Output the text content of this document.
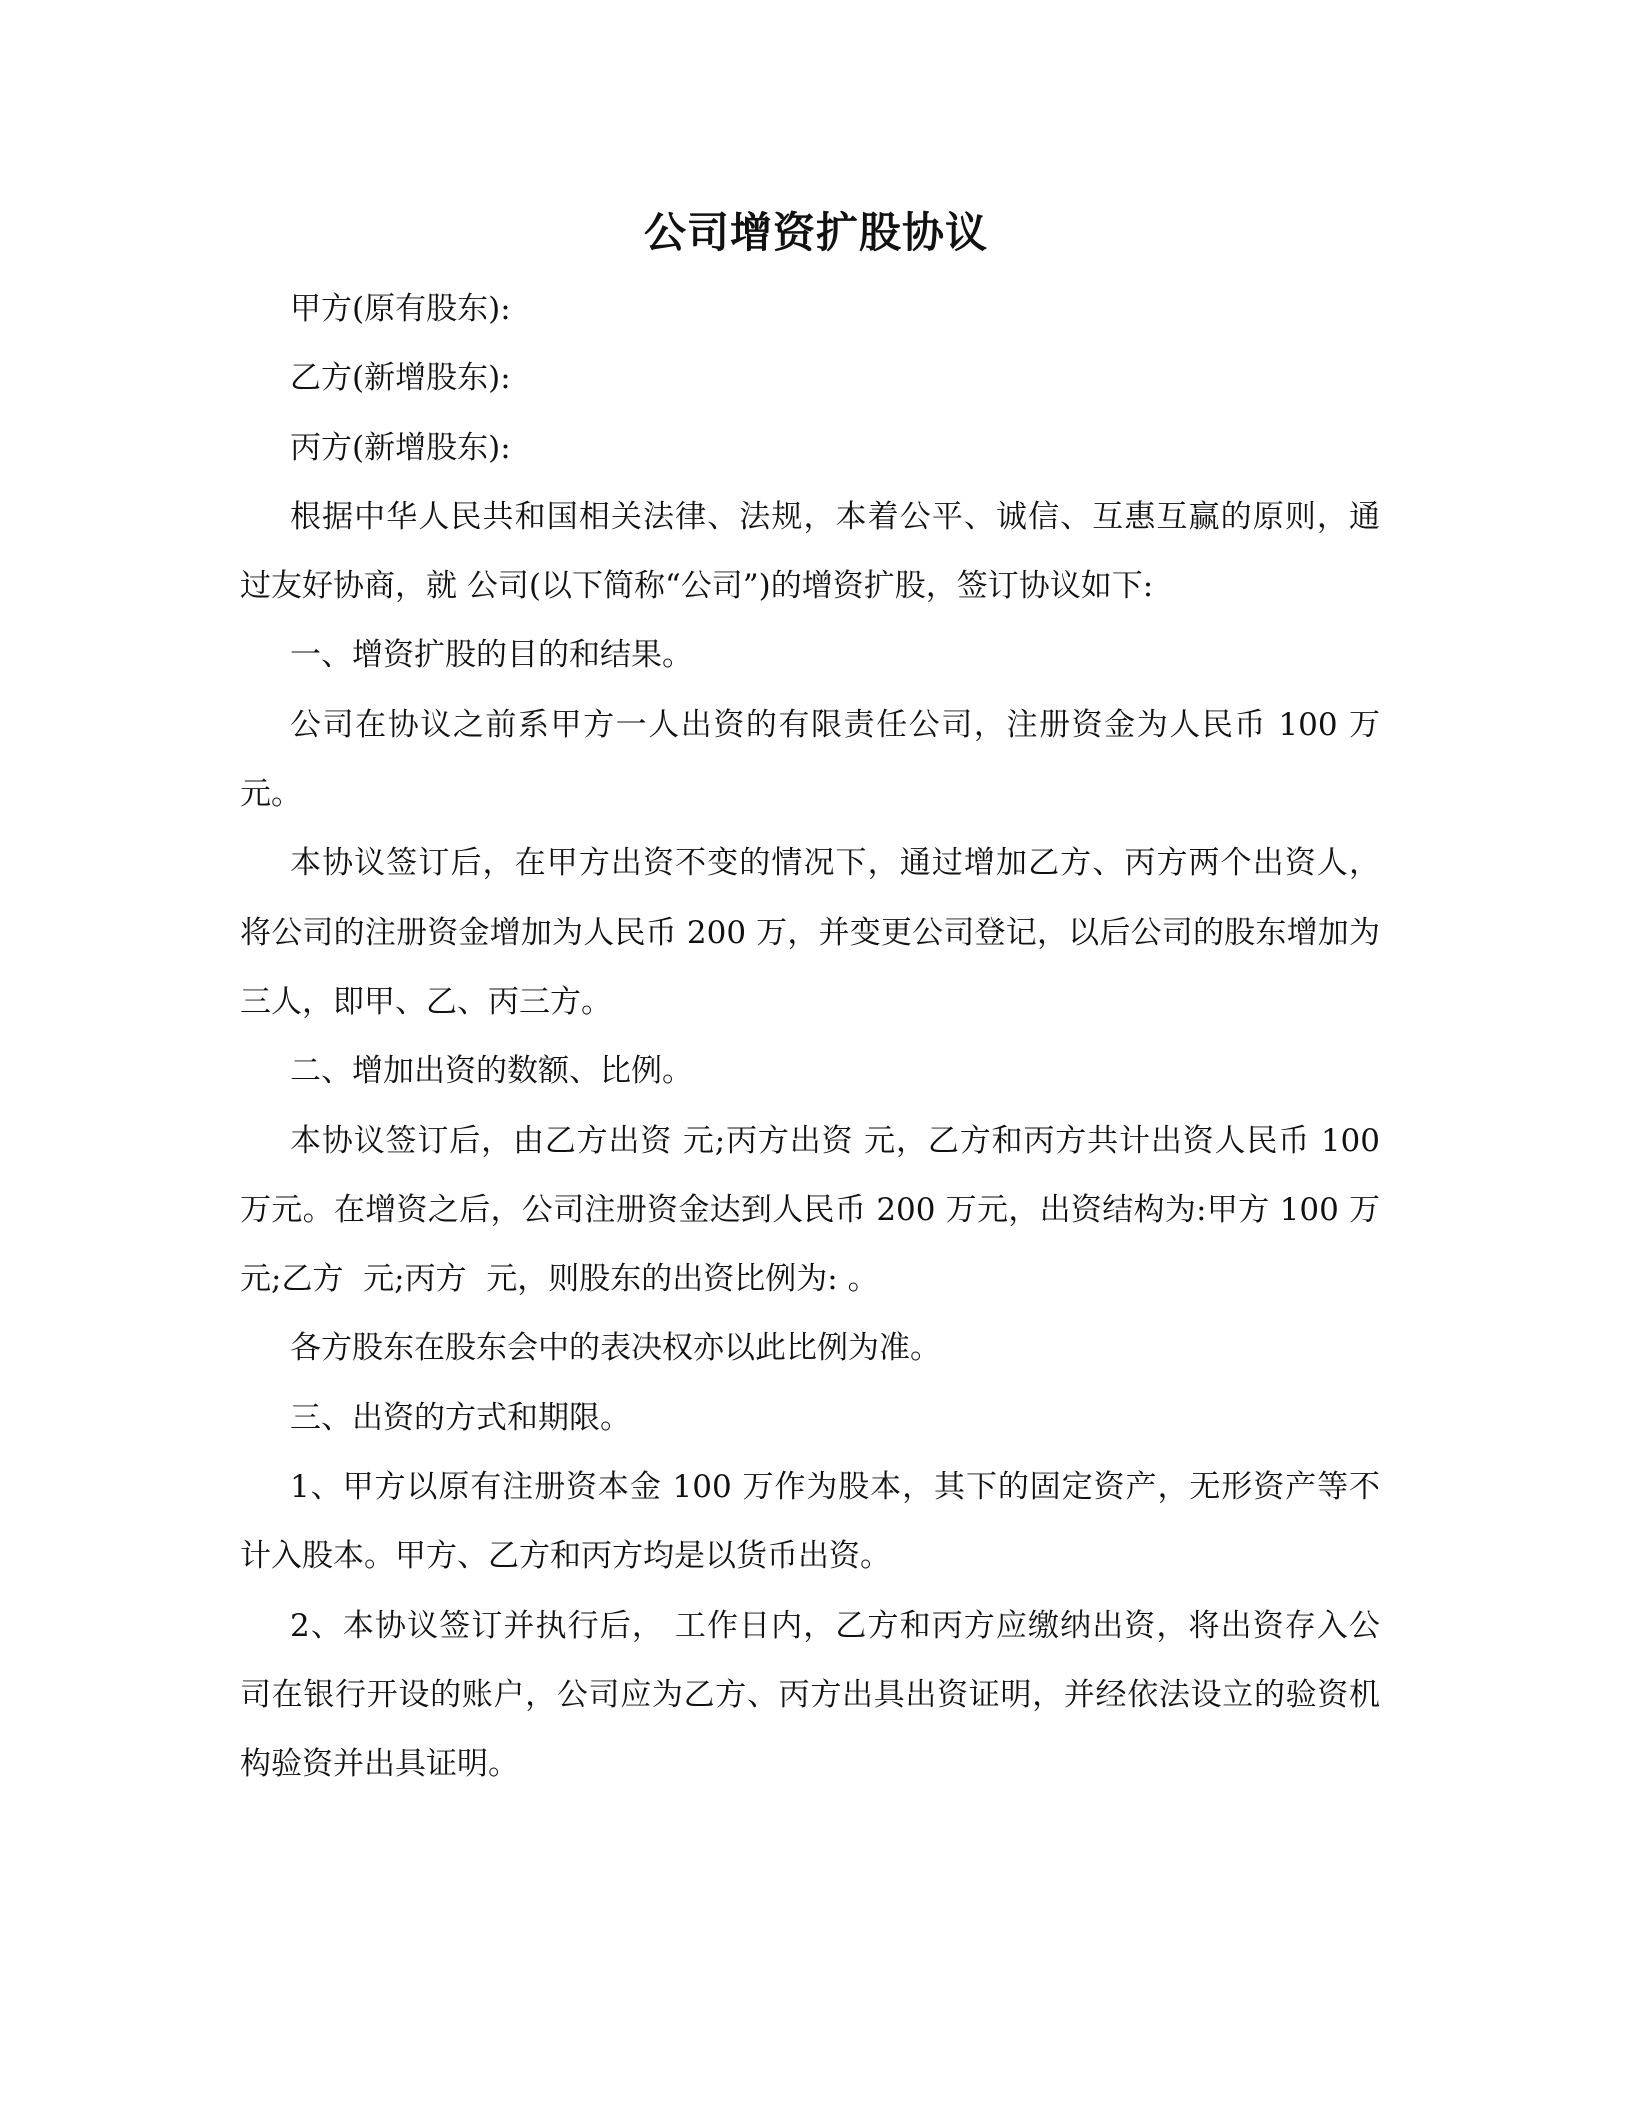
公司增资扩股协议
甲方(原有股东):
乙方(新增股东):
丙方(新增股东):
根据中华人民共和国相关法律、法规，本着公平、诚信、互惠互赢的原则，通
过友好协商，就 公司(以下简称“公司”)的增资扩股，签订协议如下:
一、增资扩股的目的和结果。
公司在协议之前系甲方一人出资的有限责任公司，注册资金为人民币 100 万
元。
本协议签订后，在甲方出资不变的情况下，通过增加乙方、丙方两个出资人，
将公司的注册资金增加为人民币 200 万，并变更公司登记，以后公司的股东增加为
三人，即甲、乙、丙三方。
二、增加出资的数额、比例。
本协议签订后，由乙方出资 元;丙方出资 元，乙方和丙方共计出资人民币 100
万元。在增资之后，公司注册资金达到人民币 200 万元，出资结构为:甲方 100 万
元;乙方  元;丙方  元，则股东的出资比例为: 。
各方股东在股东会中的表决权亦以此比例为准。
三、出资的方式和期限。
1、甲方以原有注册资本金 100 万作为股本，其下的固定资产，无形资产等不
计入股本。甲方、乙方和丙方均是以货币出资。
2、本协议签订并执行后， 工作日内，乙方和丙方应缴纳出资，将出资存入公
司在银行开设的账户，公司应为乙方、丙方出具出资证明，并经依法设立的验资机
构验资并出具证明。
